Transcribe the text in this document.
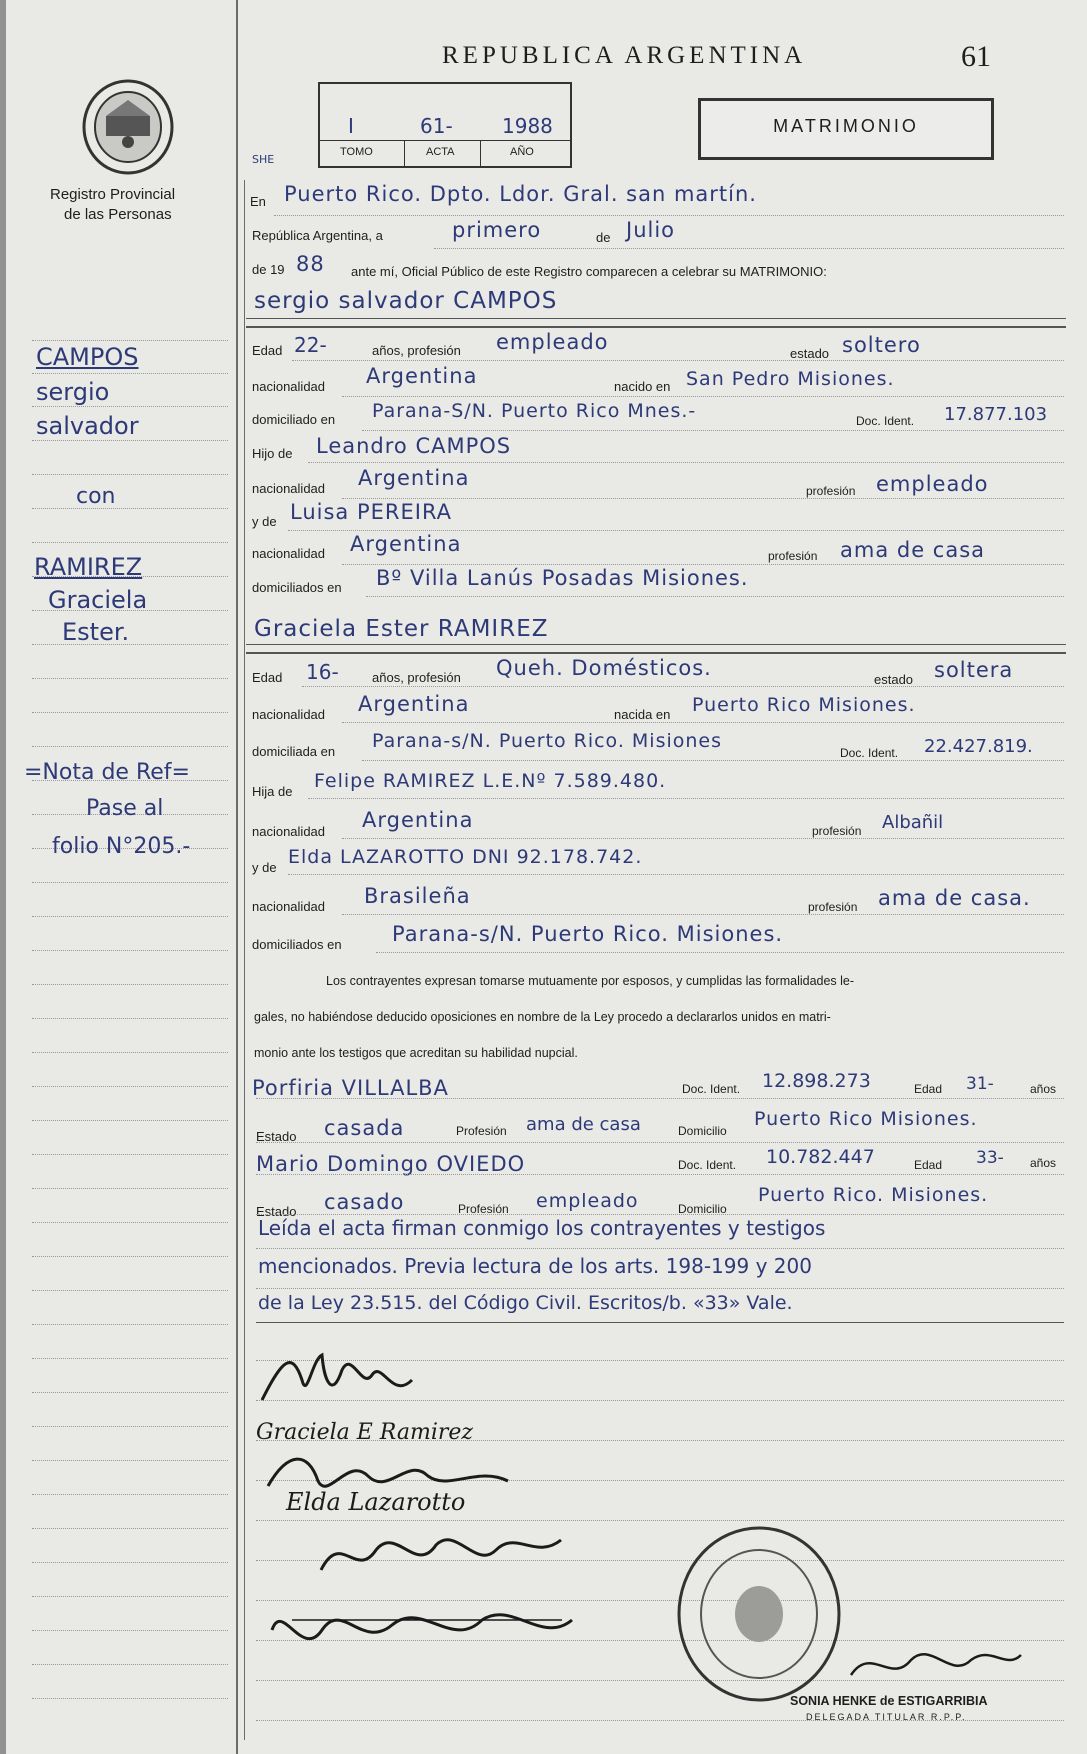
REPUBLICA ARGENTINA	61
Registro Provincial
de las Personas
I	61- 1988
TOMO	ACTA	AÑO
SHE
MATRIMONIO
CAMPOS
sergio
salvador
con
RAMIREZ
Graciela
Ester.
=Nota de Ref=
Pase al
folio N°205.-
En Puerto Rico. Dpto. Ldor. Gral. san martín.
República Argentina, a	primero	de Julio
de 19 88 ante mí, Oficial Público de este Registro comparecen a celebrar su MATRIMONIO:
sergio salvador CAMPOS
Edad 22-	años, profesión empleado	estado soltero
nacionalidad Argentina	nacido en San Pedro Misiones.
domiciliado en Parana-S/N. Puerto Rico Mnes.-	Doc. Ident. 17.877.103
Hijo de Leandro CAMPOS
nacionalidad Argentina
profesión empleado
y de Luisa PEREIRA
nacionalidad Argentina	profesión ama de casa
domiciliados en Bº Villa Lanús Posadas Misiones.
Graciela Ester RAMIREZ
Edad 16-	años, profesión Queh. Domésticos.	estado soltera
nacionalidad Argentina	nacida en Puerto Rico Misiones.
domiciliada en Parana-s/N. Puerto Rico. Misiones
Doc. Ident. 22.427.819.
Hija de Felipe RAMIREZ L.E.Nº 7.589.480.
nacionalidad Argentina	profesión Albañil
y de Elda LAZAROTTO DNI 92.178.742.
nacionalidad Brasileña	profesión ama de casa.
domiciliados en Parana-s/N. Puerto Rico. Misiones.
Los contrayentes expresan tomarse mutuamente por esposos, y cumplidas las formalidades le-
gales, no habiéndose deducido oposiciones en nombre de la Ley procedo a declararlos unidos en matri-
monio ante los testigos que acreditan su habilidad nupcial.
Porfiria VILLALBA	Doc. Ident. 12.898.273	Edad 31-	años
Estado casada	Profesión ama de casa	Domicilio
Puerto Rico Misiones.
Mario Domingo OVIEDO	Doc. Ident. 10.782.447	Edad 33- años
Estado casado	Profesión empleado	Domicilio
Puerto Rico. Misiones.
Leída el acta firman conmigo los contrayentes y testigos
mencionados. Previa lectura de los arts. 198-199 y 200
de la Ley 23.515. del Código Civil. Escritos/b. «33» Vale.
Graciela E Ramirez
Elda Lazarotto
SONIA HENKE de ESTIGARRIBIA
DELEGADA TITULAR R.P.P.
